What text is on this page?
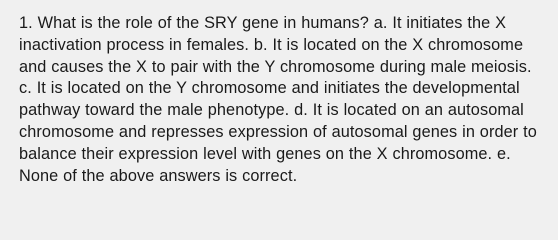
1. What is the role of the SRY gene in humans? a. It initiates the X inactivation process in females. b. It is located on the X chromosome and causes the X to pair with the Y chromosome during male meiosis. c. It is located on the Y chromosome and initiates the developmental pathway toward the male phenotype. d. It is located on an autosomal chromosome and represses expression of autosomal genes in order to balance their expression level with genes on the X chromosome. e. None of the above answers is correct.
